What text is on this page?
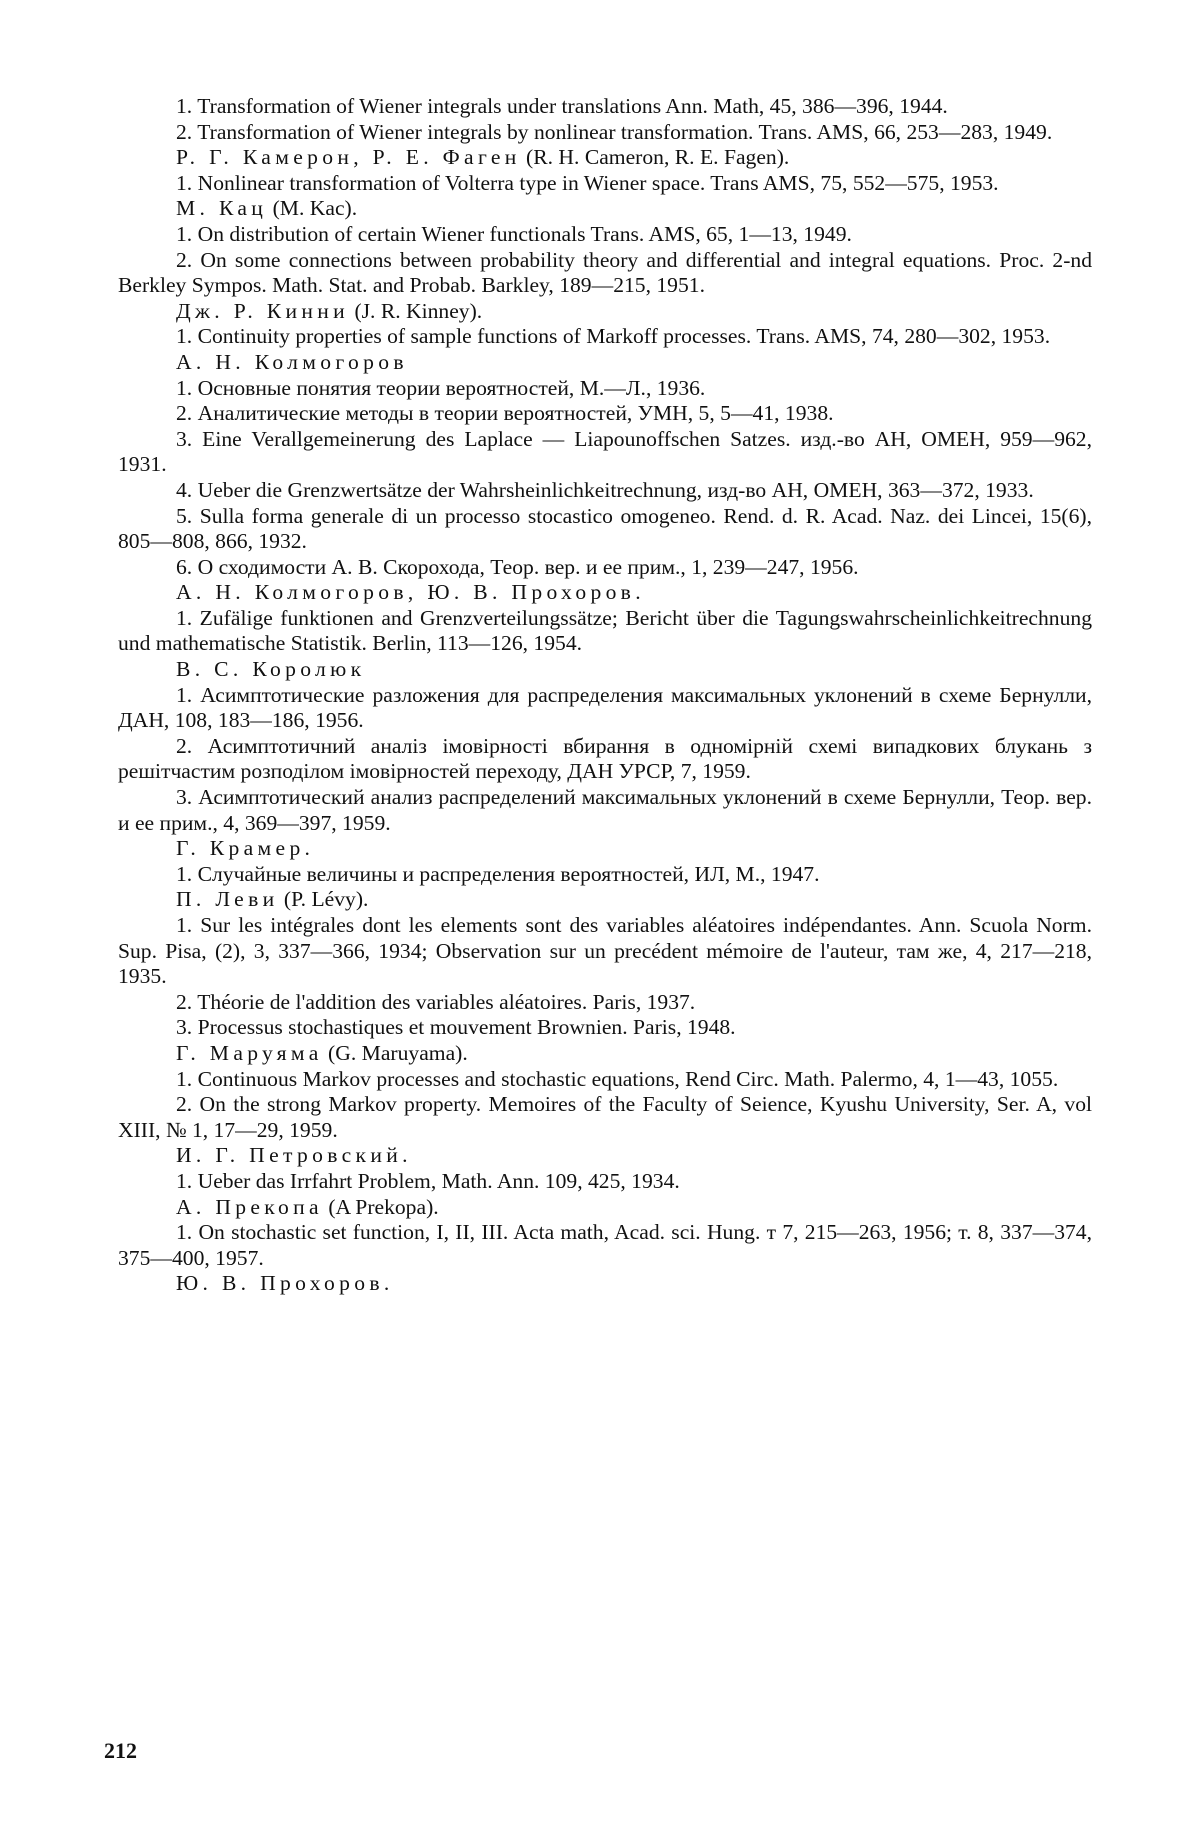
1. Transformation of Wiener integrals under translations Ann. Math, 45, 386—396, 1944.
2. Transformation of Wiener integrals by nonlinear transformation. Trans. AMS, 66, 253—283, 1949.
Р. Г. Камерон, Р. Е. Фаген (R. H. Cameron, R. E. Fagen).
1. Nonlinear transformation of Volterra type in Wiener space. Trans AMS, 75, 552—575, 1953.
М. Кац (M. Kac).
1. On distribution of certain Wiener functionals Trans. AMS, 65, 1—13, 1949.
2. On some connections between probability theory and differential and integral equations. Proc. 2-nd Berkley Sympos. Math. Stat. and Probab. Barkley, 189—215, 1951.
Дж. Р. Кинни (J. R. Kinney).
1. Continuity properties of sample functions of Markoff processes. Trans. AMS, 74, 280—302, 1953.
А. Н. Колмогоров
1. Основные понятия теории вероятностей, М.—Л., 1936.
2. Аналитические методы в теории вероятностей, УМН, 5, 5—41, 1938.
3. Eine Verallgemeinerung des Laplace — Liapounoffschen Satzes. изд.-во АН, ОМЕН, 959—962, 1931.
4. Ueber die Grenzwertsätze der Wahrsheinlichkeitrechnung, изд-во АН, ОМЕН, 363—372, 1933.
5. Sulla forma generale di un processo stocastico omogeneo. Rend. d. R. Acad. Naz. dei Lincei, 15(6), 805—808, 866, 1932.
6. О сходимости А. В. Скорохода, Теор. вер. и ее прим., 1, 239—247, 1956.
А. Н. Колмогоров, Ю. В. Прохоров.
1. Zufälige funktionen and Grenzverteilungssätze; Bericht über die Tagungswahrscheinlichkeitrechnung und mathematische Statistik. Berlin, 113—126, 1954.
В. С. Королюк
1. Асимптотические разложения для распределения максимальных уклонений в схеме Бернулли, ДАН, 108, 183—186, 1956.
2. Асимптотичний аналiз iмовiрностi вбирання в одномiрнiй схемi випадкових блукань з решiтчастим розподiлом iмовiрностей переходу, ДАН УРСР, 7, 1959.
3. Асимптотический анализ распределений максимальных уклонений в схеме Бернулли, Теор. вер. и ее прим., 4, 369—397, 1959.
Г. Крамер.
1. Случайные величины и распределения вероятностей, ИЛ, М., 1947.
П. Леви (P. Lévy).
1. Sur les intégrales dont les elements sont des variables aléatoires indépendantes. Ann. Scuola Norm. Sup. Pisa, (2), 3, 337—366, 1934; Observation sur un precédent mémoire de l'auteur, там же, 4, 217—218, 1935.
2. Théorie de l'addition des variables aléatoires. Paris, 1937.
3. Processus stochastiques et mouvement Brownien. Paris, 1948.
Г. Маруяма (G. Maruyama).
1. Continuous Markov processes and stochastic equations, Rend Circ. Math. Palermo, 4, 1—43, 1055.
2. On the strong Markov property. Memoires of the Faculty of Seience, Kyushu University, Ser. A, vol XIII, № 1, 17—29, 1959.
И. Г. Петровский.
1. Ueber das Irrfahrt Problem, Math. Ann. 109, 425, 1934.
А. Прекопа (A Prekopa).
1. On stochastic set function, I, II, III. Acta math, Acad. sci. Hung. т 7, 215—263, 1956; т. 8, 337—374, 375—400, 1957.
Ю. В. Прохоров.
212
